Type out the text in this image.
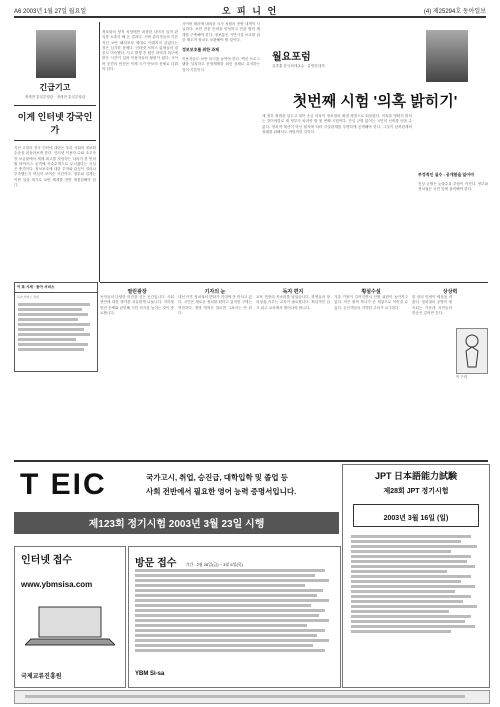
A6 2003년 1월 27일 월요일	오 피 니 언	(4) 제25294호 동아일보
긴급기고
정세현 통일부장관 · 정세현 통일부장관
이게 인터넷 강국인가
지난 주말의 전국 인터넷 대란은 우리 사회의 정보화 수준을 되돌아보게 한다. 인터넷 이용자 수와 초고속망 보급률에서 세계 최고를 자랑하는 나라가 한 번의 웜 바이러스 공격에 속수무책으로 무너졌다는 사실은 충격이다. 정보보호에 대한 투자와 관심이 얼마나 부족했는지 여실히 보여준 사건이다. 정부와 업계는 이번 일을 계기로 보안 체계를 전면 재점검해야 한다.
정보화의 양적 성장에만 치중한 나머지 질적 관리를 소홀히 해 온 결과다. 서버 관리자들의 기본적인 보안 패치조차 제대로 이뤄지지 않았다는 점은 심각한 문제다. 인터넷 서비스 업체들의 대응도 미숙했다. 사고 발생 후 원인 파악과 복구에 많은 시간이 걸려 이용자들의 불편이 컸다. 사이버 공간의 안전은 이제 국가 안보의 문제로 다뤄야 한다.
사이버 테러에 대비한 국가 차원의 종합 대책이 시급하다. 보안 전문 인력을 양성하고 민관 협력 체계를 구축해야 한다. 정보통신 기반시설 보호를 위한 제도적 장치도 보완해야 할 것이다.
정보보호를 위한 과제
이용자들도 보안 의식을 높여야 한다. 백신 프로그램을 설치하고 운영체제를 최신 상태로 유지하는 것이 기본이다.
이 표 시세 · 동아 서비스
독자 서비스 안내
월요포럼
유종훈 한국외대교수 · 유명한대학
첫번째 시험 '의혹 밝히기'
새 정부 출범을 앞두고 대북 송금 의혹이 정치권의 최대 쟁점으로 떠올랐다. 의혹을 명확히 밝히는 것이야말로 새 정부가 치러야 할 첫 번째 시험이다. 진실 규명 없이는 국민의 신뢰를 얻을 수 없다. 정치적 계산이 아닌 원칙에 따라 사실관계를 투명하게 공개해야 한다. 그것이 남북관계의 장래를 위해서도 바람직한 길이다.
부정적인 실수 : 공개함을 일어야
진상 규명은 늦을수록 부담이 커진다. 정부와 정치권은 국민 앞에 솔직해야 한다.
열린광장
독자들의 다양한 의견을 싣는 공간입니다. 사회 현안에 대한 생각을 자유롭게 나눕니다. 지하철 안전 문제와 관련해 시민 의식을 높이는 것이 중요합니다.
기자의 눈
대선 이후 정치권의 변화가 기대에 못 미치고 있다. 국민은 새로운 정치를 원하고 있지만 구태는 여전하다. 정당 개혁은 말로만 그쳐서는 안 된다.
독자 편지
교육 현장의 목소리를 담았습니다. 학생들의 창의성을 키우는 교육이 필요합니다. 획일적인 입시 위주 교육에서 벗어나야 합니다.
횡설수설
겨울 가뭄이 길어지면서 산불 위험이 높아지고 있다. 작은 불씨 하나가 큰 재앙으로 이어질 수 있다. 등산객들의 각별한 주의가 요구된다.
상상력
한 장의 만평이 세상을 비춘다. 정치권의 공방이 계속되는 가운데 서민들의 한숨은 깊어만 간다.
이 구리
T EIC	국가고시, 취업, 승진급, 대학입학 및 졸업 등
사회 전반에서 필요한 영어 능력 증명서입니다.
제123회 정기시험 2003년 3월 23일 시행
JPT 日本語能力試験
제28회 JPT 정기시험
2003년 3월 16일 (일)
인터넷 접수
www.ybmsisa.com
국제교류진흥원
방문 접수 기간 : 2월 28일(금) ~ 3월 6일(목)
YBM Si-sa
